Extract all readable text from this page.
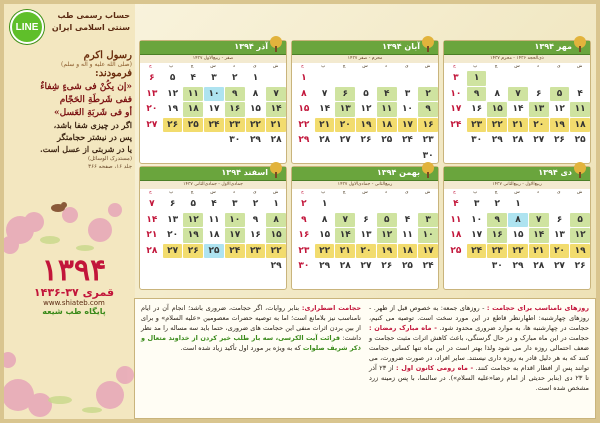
LINE
حساب رسمی طب
سنتی اسلامی ایران
رسول اکرم
(صلی الله علیه و آله و سلم)
فرمودند:
«إن یکُنْ فی شیءٍ شِفاءٌ
ففی شَرطَةِ الحَجّام
أو فی شَربَةِ العَسل»
اگر در چیزی شفا باشد،
پس در نیشتر حجامتگر
یا در شربتی از عسل است.
(مستدرک الوسائل)
جلد ۱۶، صفحه ۳۶۶
۱۳۹۴
۱۴۳۶-۳۷ قمری
www.shiateb.com
پایگاه طب شیعه
مهر ۱۳۹۴
ذی‌الحجه ۱۴۳۶ - محرم ۱۴۳۷
ش
ی
د
س
چ
پ
ج
۱
۳
۴
۵
۶
۷
۸
۹
۱۰
۱۱
۱۲
۱۳
۱۴
۱۵
۱۶
۱۷
۱۸
۱۹
۲۰
۲۱
۲۲
۲۳
۲۴
۲۵
۲۶
۲۷
۲۸
۲۹
۳۰
آبان ۱۳۹۴
محرم - صفر ۱۴۳۷
ش
ی
د
س
چ
پ
ج
۱
۲
۳
۴
۵
۶
۷
۸
۹
۱۰
۱۱
۱۲
۱۳
۱۴
۱۵
۱۶
۱۷
۱۸
۱۹
۲۰
۲۱
۲۲
۲۳
۲۴
۲۵
۲۶
۲۷
۲۸
۲۹
۳۰
آذر ۱۳۹۴
صفر - ربیع‌الاول ۱۴۳۷
ش
ی
د
س
چ
پ
ج
۱
۲
۳
۴
۵
۶
۷
۸
۹
۱۰
۱۱
۱۲
۱۳
۱۴
۱۵
۱۶
۱۷
۱۸
۱۹
۲۰
۲۱
۲۲
۲۳
۲۴
۲۵
۲۶
۲۷
۲۸
۲۹
۳۰
دی ۱۳۹۴
ربیع‌الاول - ربیع‌الثانی ۱۴۳۷
ش
ی
د
س
چ
پ
ج
۱
۲
۳
۴
۵
۶
۷
۸
۹
۱۰
۱۱
۱۲
۱۳
۱۴
۱۵
۱۶
۱۷
۱۸
۱۹
۲۰
۲۱
۲۲
۲۳
۲۴
۲۵
۲۶
۲۷
۲۸
۲۹
۳۰
بهمن ۱۳۹۴
ربیع‌الثانی - جمادی‌الاول ۱۴۳۷
ش
ی
د
س
چ
پ
ج
۱
۲
۳
۴
۵
۶
۷
۸
۹
۱۰
۱۱
۱۲
۱۳
۱۴
۱۵
۱۶
۱۷
۱۸
۱۹
۲۰
۲۱
۲۲
۲۳
۲۴
۲۵
۲۶
۲۷
۲۸
۲۹
۳۰
اسفند ۱۳۹۴
جمادی‌الاول - جمادی‌الثانی ۱۴۳۷
ش
ی
د
س
چ
پ
ج
۱
۲
۳
۴
۵
۶
۷
۸
۹
۱۰
۱۱
۱۲
۱۳
۱۴
۱۵
۱۶
۱۷
۱۸
۱۹
۲۰
۲۱
۲۲
۲۳
۲۴
۲۵
۲۶
۲۷
۲۸
۲۹
روزهای نامناسب برای حجامت : - روزهای جمعه: به خصوص قبل از ظهر. - روزهای چهارشنبه: اطهارنظر قاطع در این مورد سخت است. توصیه می کنیم، حجامت در چهارشنبه ها، به موارد ضروری محدود شود. - ماه مبارک رمضان : حجامت در این ماه مبارک و در حال گرسنگی، باعث کاهش اثرات مثبت حجامت و ضعف احتمالی روزه دار می شود ولذا بهتر است در این ماه تنها کسانی حجامت کنند که به هر دلیل قادر به روزه داری نیستند. سایر افراد، در صورت ضرورت، می توانند پس از افطار اقدام به حجامت کنند. - ماه رومی کانون اول : از ۲۳ آذر تا ۲۳ دی (بنابر حدیثی از امام رضا«علیه السلام»). در سالنما، با پس زمینه زرد مشخص شده است.
حجامت اضطراری: بنابر روایات، اگر حجامت، ضروری باشد؛ انجام آن در ایام نامناسب نیز بلامانع است؛ اما به توصیه حضرات معصومین «علیه السلام» و برای از بین بردن اثرات منفی این حجامت های ضروری، حتما باید سه مساله را مد نظر داشت: قرائت آیت الکرسی، سه بار طلب خیر کردن از خداوند متعال و ذکر شریف صلوات که به ویژه بر مورد اول تأکید زیاد شده است.
